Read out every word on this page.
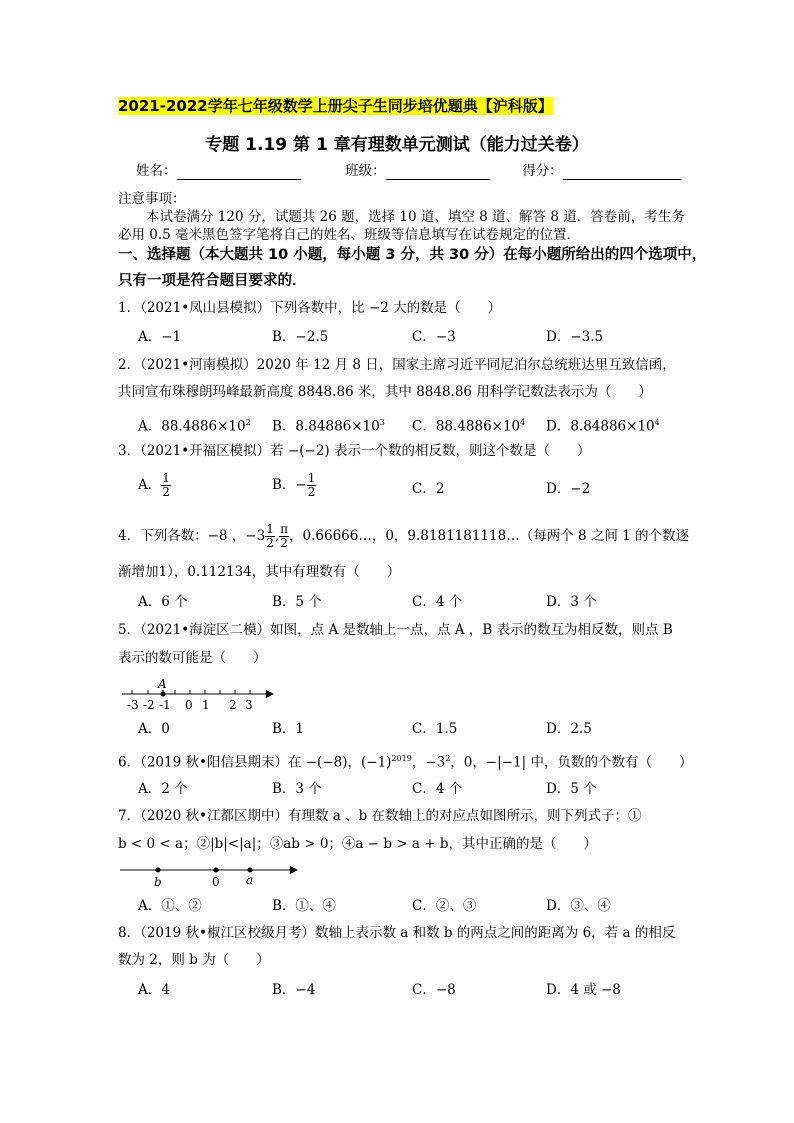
2021-2022学年七年级数学上册尖子生同步培优题典【沪科版】
专题 1.19 第 1 章有理数单元测试（能力过关卷）
姓名：	班级：	得分：
注意事项：
本试卷满分 120 分，试题共 26 题，选择 10 道、填空 8 道、解答 8 道．答卷前，考生务
必用 0.5 毫米黑色签字笔将自己的姓名、班级等信息填写在试卷规定的位置．
一、选择题（本大题共 10 小题，每小题 3 分，共 30 分）在每小题所给出的四个选项中，
只有一项是符合题目要求的．
1．（2021•凤山县模拟）下列各数中，比 −2 大的数是（　　）
A．−1	B．−2.5	C．−3	D．−3.5
2．（2021•河南模拟）2020 年 12 月 8 日，国家主席习近平同尼泊尔总统班达里互致信函，
共同宣布珠穆朗玛峰最新高度 8848.86 米，其中 8848.86 用科学记数法表示为（　　）
A．$88.4886\times 10^2$ B．$8.84886\times 10^3$ C．$88.4886\times 10^4$ D．$8.84886\times 10^4$
3．（2021•开福区模拟）若 −(−2) 表示一个数的相反数，则这个数是（　　）
A． $\frac{1}{2}$	B．− $\frac{1}{2}$	C．2	D．−2
4．下列各数：−8 ，$-3 \frac{1}{2}$ , $\frac{\pi}{2}$ ，0.66666…，0，9.8181181118…（每两个 8 之间 1 的个数逐
渐增加1），0.112134，其中有理数有（　　）
A．6 个	B．5 个	C．4 个	D．3 个
5．（2021•海淀区二模）如图，点 A 是数轴上一点，点 A ，B 表示的数互为相反数，则点 B
表示的数可能是（　　）
A
-3 -2 -1 0 1 2 3
A．0	B．1	C．1.5	D．2.5
6．（2019 秋•阳信县期末）在 −(−8)，$(-1)^{2019}$，$-3^2$，0，−|−1| 中，负数的个数有（　　）
A．2 个	B．3 个	C．4 个	D．5 个
7．（2020 秋•江都区期中）有理数 a 、b 在数轴上的对应点如图所示，则下列式子：①
b < 0 < a；②|b|<|a|；③ab > 0；④a − b > a + b，其中正确的是（　　）
b	0 a
A．①、②	B．①、④	C．②、③	D．③、④
8．（2019 秋•椒江区校级月考）数轴上表示数 a 和数 b 的两点之间的距离为 6，若 a 的相反
数为 2，则 b 为（　　）
A．4	B．−4	C．−8	D．4 或 −8
